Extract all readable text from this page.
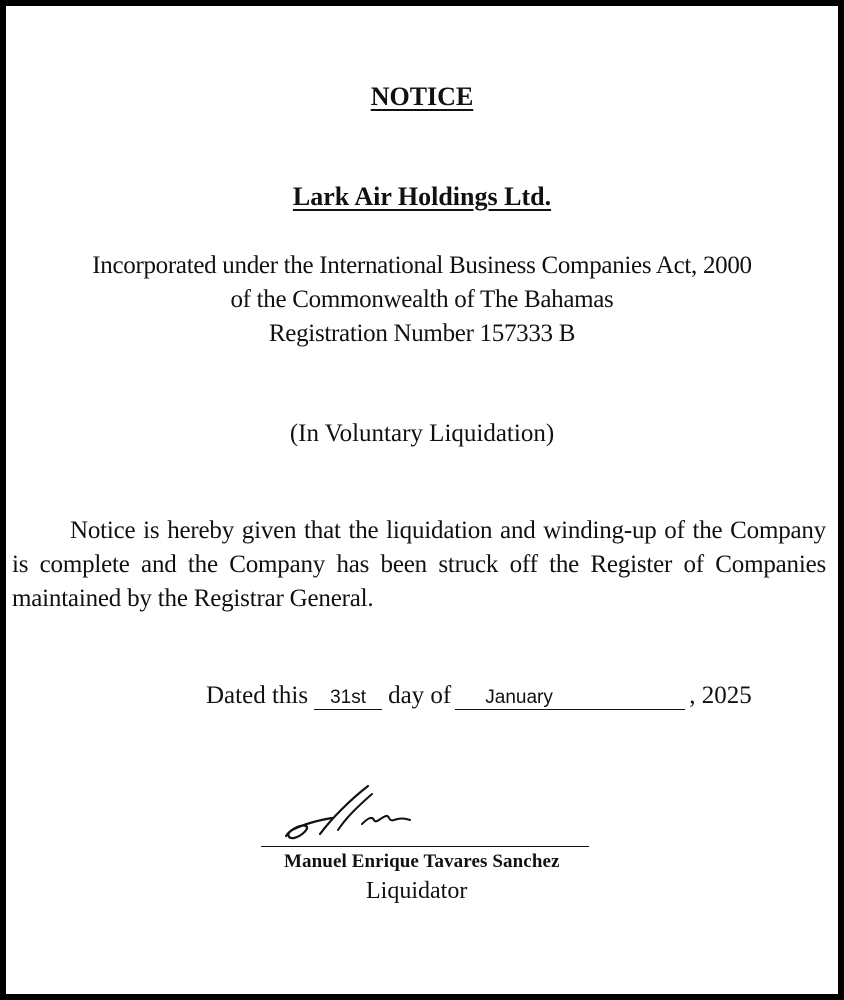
NOTICE
Lark Air Holdings Ltd.
Incorporated under the International Business Companies Act, 2000
of the Commonwealth of The Bahamas
Registration Number 157333 B
(In Voluntary Liquidation)
Notice is hereby given that the liquidation and winding-up of the Company is complete and the Company has been struck off the Register of Companies maintained by the Registrar General.
Dated this 31st day of January	, 2025
Manuel Enrique Tavares Sanchez
Liquidator
